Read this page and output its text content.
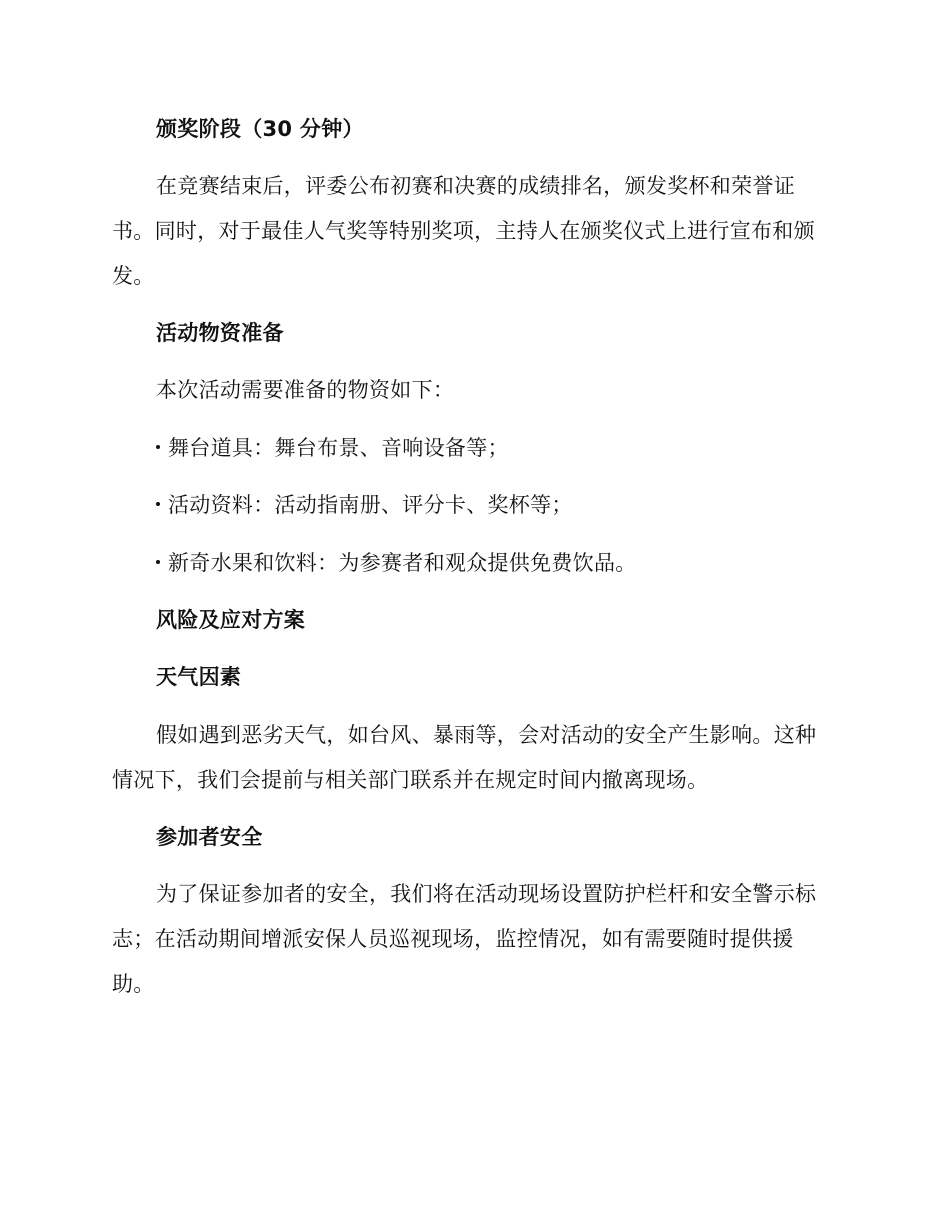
颁奖阶段（30 分钟）
在竞赛结束后，评委公布初赛和决赛的成绩排名，颁发奖杯和荣誉证
书。同时，对于最佳人气奖等特别奖项，主持人在颁奖仪式上进行宣布和颁
发。
活动物资准备
本次活动需要准备的物资如下：
舞台道具：舞台布景、音响设备等；
活动资料：活动指南册、评分卡、奖杯等；
新奇水果和饮料：为参赛者和观众提供免费饮品。
风险及应对方案
天气因素
假如遇到恶劣天气，如台风、暴雨等，会对活动的安全产生影响。这种
情况下，我们会提前与相关部门联系并在规定时间内撤离现场。
参加者安全
为了保证参加者的安全，我们将在活动现场设置防护栏杆和安全警示标
志；在活动期间增派安保人员巡视现场，监控情况，如有需要随时提供援
助。
